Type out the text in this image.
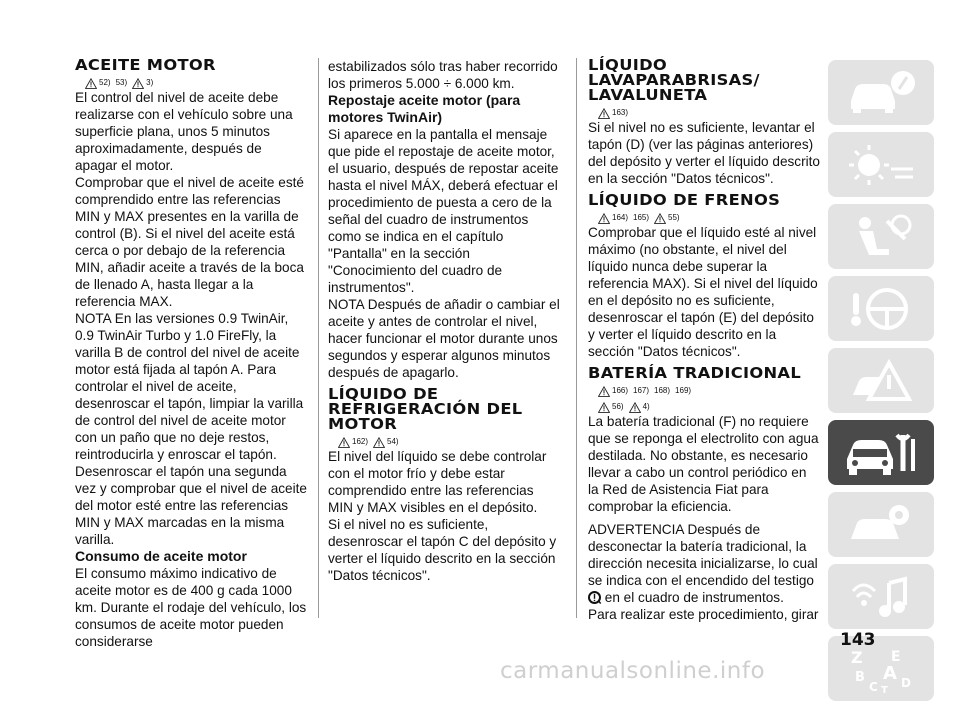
ACEITE MOTOR
52) 53) 3)

El control del nivel de aceite debe realizarse con el vehículo sobre una superficie plana, unos 5 minutos aproximadamente, después de apagar el motor.

Comprobar que el nivel de aceite esté comprendido entre las referencias MIN y MAX presentes en la varilla de control (B). Si el nivel del aceite está cerca o por debajo de la referencia MIN, añadir aceite a través de la boca de llenado A, hasta llegar a la referencia MAX.

NOTA En las versiones 0.9 TwinAir, 0.9 TwinAir Turbo y 1.0 FireFly, la varilla B de control del nivel de aceite motor está fijada al tapón A. Para controlar el nivel de aceite, desenroscar el tapón, limpiar la varilla de control del nivel de aceite motor con un paño que no deje restos, reintroducirla y enroscar el tapón. Desenroscar el tapón una segunda vez y comprobar que el nivel de aceite del motor esté entre las referencias MIN y MAX marcadas en la misma varilla.

Consumo de aceite motor

El consumo máximo indicativo de aceite motor es de 400 g cada 1000 km. Durante el rodaje del vehículo, los consumos de aceite motor pueden considerarse

estabilizados sólo tras haber recorrido los primeros 5.000 ÷ 6.000 km.

Repostaje aceite motor (para motores TwinAir)

Si aparece en la pantalla el mensaje que pide el repostaje de aceite motor, el usuario, después de repostar aceite hasta el nivel MÁX, deberá efectuar el procedimiento de puesta a cero de la señal del cuadro de instrumentos como se indica en el capítulo "Pantalla" en la sección "Conocimiento del cuadro de instrumentos".

NOTA Después de añadir o cambiar el aceite y antes de controlar el nivel, hacer funcionar el motor durante unos segundos y esperar algunos minutos después de apagarlo.

LÍQUIDO DE REFRIGERACIÓN DEL MOTOR
162) 54)

El nivel del líquido se debe controlar con el motor frío y debe estar comprendido entre las referencias MIN y MAX visibles en el depósito.

Si el nivel no es suficiente, desenroscar el tapón C del depósito y verter el líquido descrito en la sección "Datos técnicos".

LÍQUIDO LAVAPARABRISAS/ LAVALUNETA
163)

Si el nivel no es suficiente, levantar el tapón (D) (ver las páginas anteriores) del depósito y verter el líquido descrito en la sección "Datos técnicos".

LÍQUIDO DE FRENOS
164) 165) 55)

Comprobar que el líquido esté al nivel máximo (no obstante, el nivel del líquido nunca debe superar la referencia MAX). Si el nivel del líquido en el depósito no es suficiente, desenroscar el tapón (E) del depósito y verter el líquido descrito en la sección "Datos técnicos".

BATERÍA TRADICIONAL
166) 167) 168) 169)
56) 4)

La batería tradicional (F) no requiere que se reponga el electrolito con agua destilada. No obstante, es necesario llevar a cabo un control periódico en la Red de Asistencia Fiat para comprobar la eficiencia.

ADVERTENCIA Después de desconectar la batería tradicional, la dirección necesita inicializarse, lo cual se indica con el encendido del testigo  en el cuadro de instrumentos.

Para realizar este procedimiento, girar

Z E
B A
C D
T
143
carmanualsonline.info
